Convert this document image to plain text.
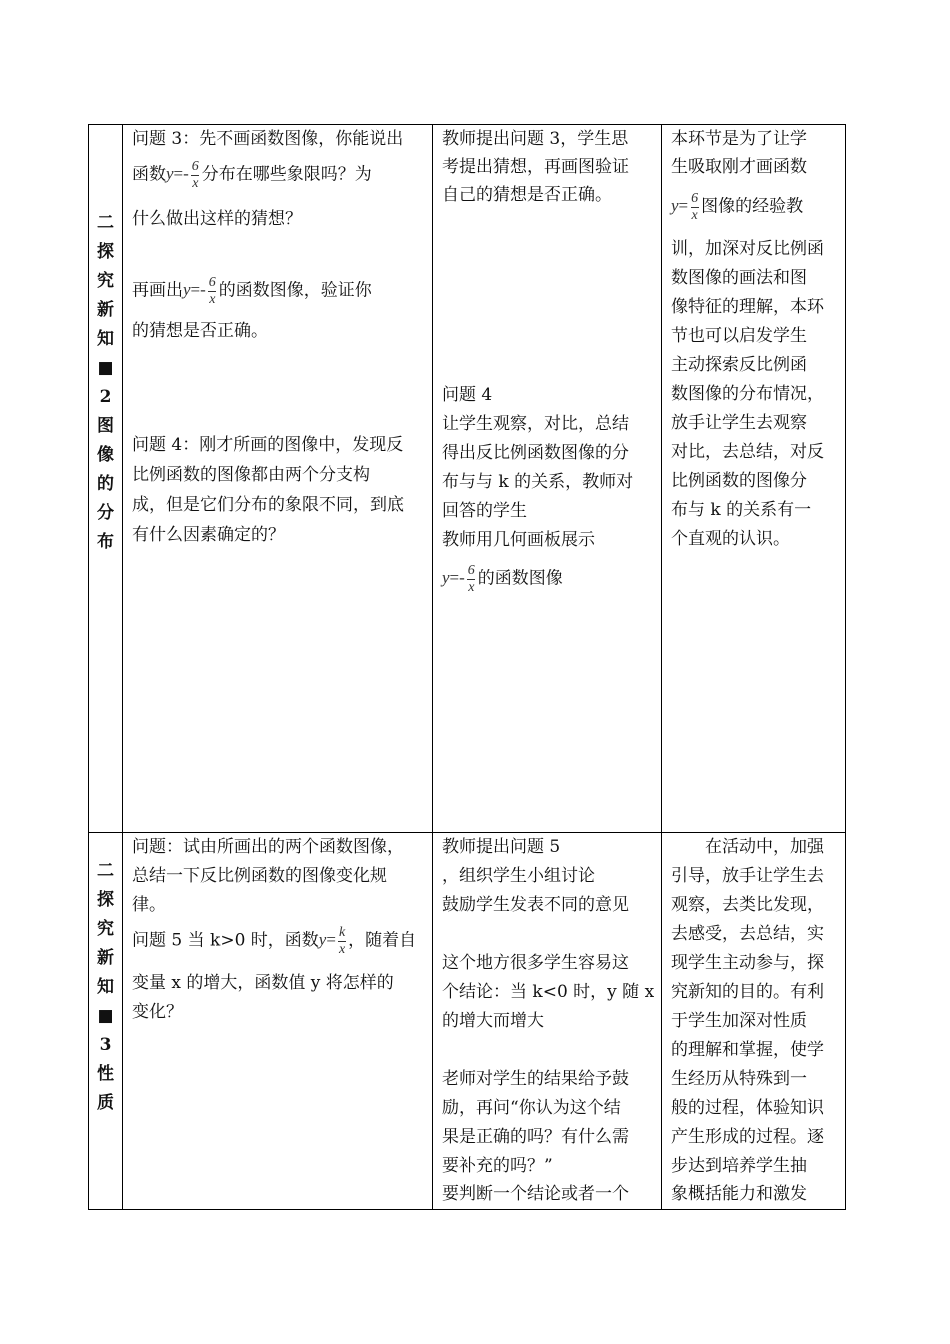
二
探
究
新
知
■
2
图
像
的
分
布

问题 3：先不画函数图像，你能说出

函数$y=- \frac{6}{x}$ 分布在哪些象限吗？为

什么做出这样的猜想？

再画出$y=- \frac{6}{x}$ 的函数图像，验证你

的猜想是否正确。

问题 4：刚才所画的图像中，发现反

比例函数的图像都由两个分支构

成，但是它们分布的象限不同，到底

有什么因素确定的？

教师提出问题 3，学生思

考提出猜想，再画图验证

自己的猜想是否正确。

问题 4

让学生观察，对比，总结

得出反比例函数图像的分

布与与 k 的关系，教师对

回答的学生

教师用几何画板展示

$y=- \frac{6}{x}$ 的函数图像

本环节是为了让学

生吸取刚才画函数

$y= \frac{6}{x}$ 图像的经验教

训，加深对反比例函

数图像的画法和图

像特征的理解，本环

节也可以启发学生

主动探索反比例函

数图像的分布情况，

放手让学生去观察

对比，去总结，对反

比例函数的图像分

布与 k 的关系有一

个直观的认识。

二
探
究
新
知
■
3
性
质

问题：试由所画出的两个函数图像，

总结一下反比例函数的图像变化规

律。

问题 5 当 k>0 时，函数$y= \frac{k}{x}$ ，随着自

变量 x 的增大，函数值 y 将怎样的

变化？

教师提出问题 5

，组织学生小组讨论

鼓励学生发表不同的意见

这个地方很多学生容易这

个结论：当 k<0 时，y 随 x

的增大而增大

老师对学生的结果给予鼓

励，再问“你认为这个结

果是正确的吗？有什么需

要补充的吗？”

要判断一个结论或者一个

　　在活动中，加强

引导，放手让学生去

观察，去类比发现，

去感受，去总结，实

现学生主动参与，探

究新知的目的。有利

于学生加深对性质

的理解和掌握，使学

生经历从特殊到一

般的过程，体验知识

产生形成的过程。逐

步达到培养学生抽

象概括能力和激发
